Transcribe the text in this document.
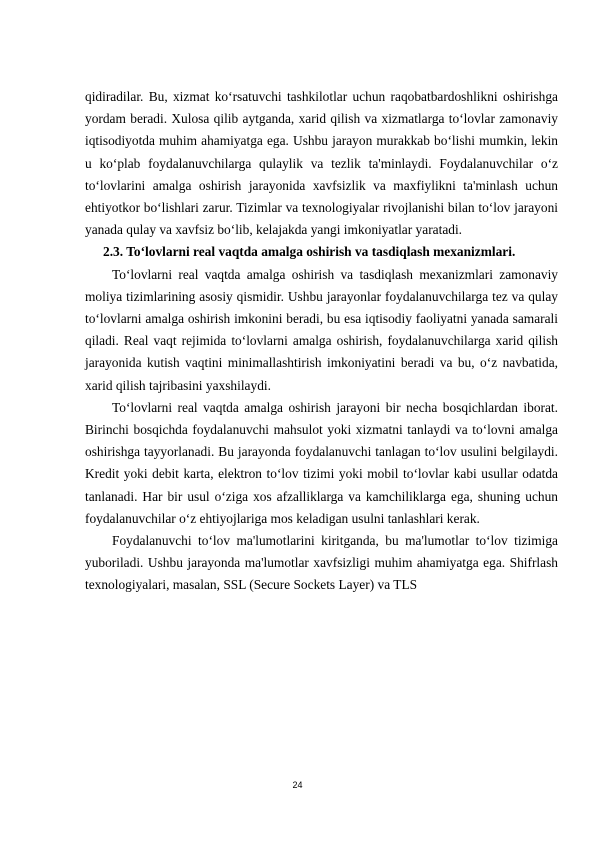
qidiradilar. Bu, xizmat ko‘rsatuvchi tashkilotlar uchun raqobatbardoshlikni oshirishga yordam beradi. Xulosa qilib aytganda, xarid qilish va xizmatlarga to‘lovlar zamonaviy iqtisodiyotda muhim ahamiyatga ega. Ushbu jarayon murakkab bo‘lishi mumkin, lekin u ko‘plab foydalanuvchilarga qulaylik va tezlik ta'minlaydi. Foydalanuvchilar o‘z to‘lovlarini amalga oshirish jarayonida xavfsizlik va maxfiylikni ta'minlash uchun ehtiyotkor bo‘lishlari zarur. Tizimlar va texnologiyalar rivojlanishi bilan to‘lov jarayoni yanada qulay va xavfsiz bo‘lib, kelajakda yangi imkoniyatlar yaratadi.

2.3. To‘lovlarni real vaqtda amalga oshirish va tasdiqlash mexanizmlari.

To‘lovlarni real vaqtda amalga oshirish va tasdiqlash mexanizmlari zamonaviy moliya tizimlarining asosiy qismidir. Ushbu jarayonlar foydalanuvchilarga tez va qulay to‘lovlarni amalga oshirish imkonini beradi, bu esa iqtisodiy faoliyatni yanada samarali qiladi. Real vaqt rejimida to‘lovlarni amalga oshirish, foydalanuvchilarga xarid qilish jarayonida kutish vaqtini minimallashtirish imkoniyatini beradi va bu, o‘z navbatida, xarid qilish tajribasini yaxshilaydi.

To‘lovlarni real vaqtda amalga oshirish jarayoni bir necha bosqichlardan iborat. Birinchi bosqichda foydalanuvchi mahsulot yoki xizmatni tanlaydi va to‘lovni amalga oshirishga tayyorlanadi. Bu jarayonda foydalanuvchi tanlagan to‘lov usulini belgilaydi. Kredit yoki debit karta, elektron to‘lov tizimi yoki mobil to‘lovlar kabi usullar odatda tanlanadi. Har bir usul o‘ziga xos afzalliklarga va kamchiliklarga ega, shuning uchun foydalanuvchilar o‘z ehtiyojlariga mos keladigan usulni tanlashlari kerak.

Foydalanuvchi to‘lov ma'lumotlarini kiritganda, bu ma'lumotlar to‘lov tizimiga yuboriladi. Ushbu jarayonda ma'lumotlar xavfsizligi muhim ahamiyatga ega. Shifrlash texnologiyalari, masalan, SSL (Secure Sockets Layer) va TLS

24
